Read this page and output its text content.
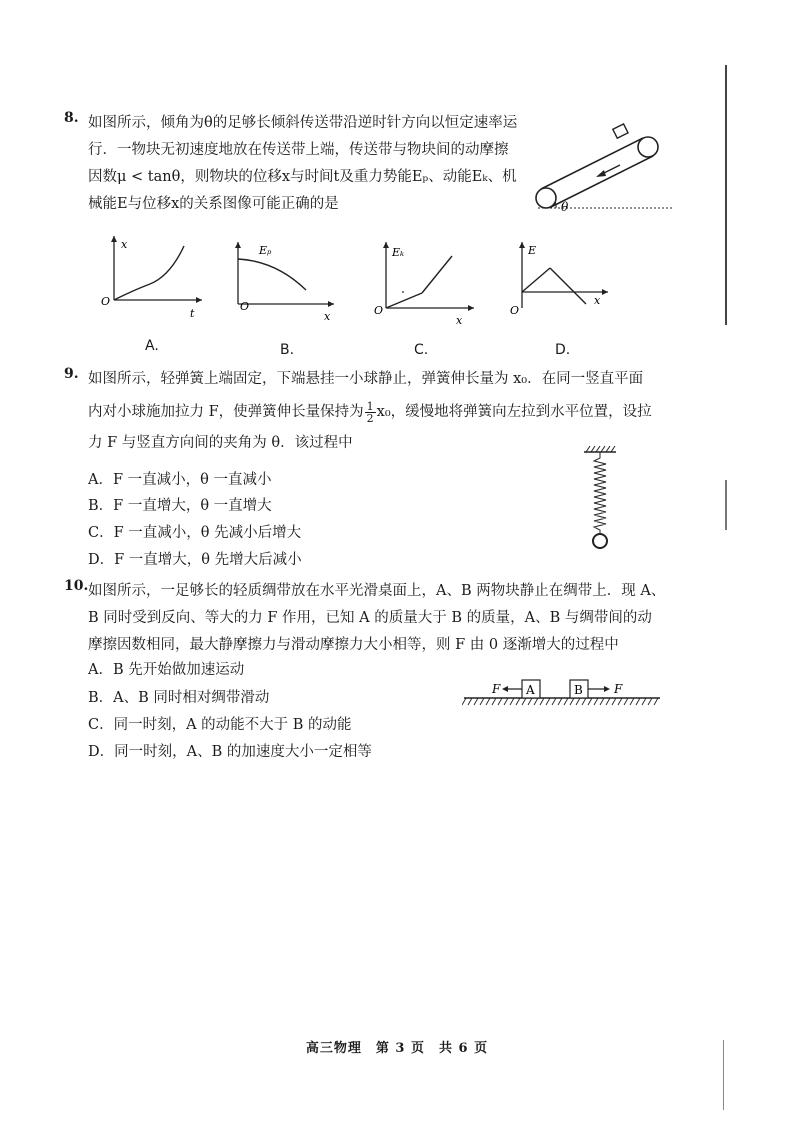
8. 如图所示，倾角为θ的足够长倾斜传送带沿逆时针方向以恒定速率运
行．一物块无初速度地放在传送带上端，传送带与物块间的动摩擦
因数μ < tanθ，则物块的位移x与时间t及重力势能Eₚ、动能Eₖ、机
械能E与位移x的关系图像可能正确的是	θ
x
t
O
A.
Eₚ
x
O
B.
Eₖ
x
O
C.
E
x
O
D.
9. 如图所示，轻弹簧上端固定，下端悬挂一小球静止，弹簧伸长量为 x₀．在同一竖直平面
内对小球施加拉力 F，使弹簧伸长量保持为 $\frac{1}{2} x_0$，缓慢地将弹簧向左拉到水平位置，设拉
力 F 与竖直方向间的夹角为 θ．该过程中
A．F 一直减小，θ 一直减小
B．F 一直增大，θ 一直增大
C．F 一直减小，θ 先减小后增大
D．F 一直增大，θ 先增大后减小
10. 如图所示，一足够长的轻质绸带放在水平光滑桌面上，A、B 两物块静止在绸带上．现 A、
B 同时受到反向、等大的力 F 作用，已知 A 的质量大于 B 的质量，A、B 与绸带间的动
摩擦因数相同，最大静摩擦力与滑动摩擦力大小相等，则 F 由 0 逐渐增大的过程中
A．B 先开始做加速运动
B．A、B 同时相对绸带滑动
C．同一时刻，A 的动能不大于 B 的动能
D．同一时刻，A、B 的加速度大小一定相等
A	B
F	F
高三物理　第 3 页　共 6 页
